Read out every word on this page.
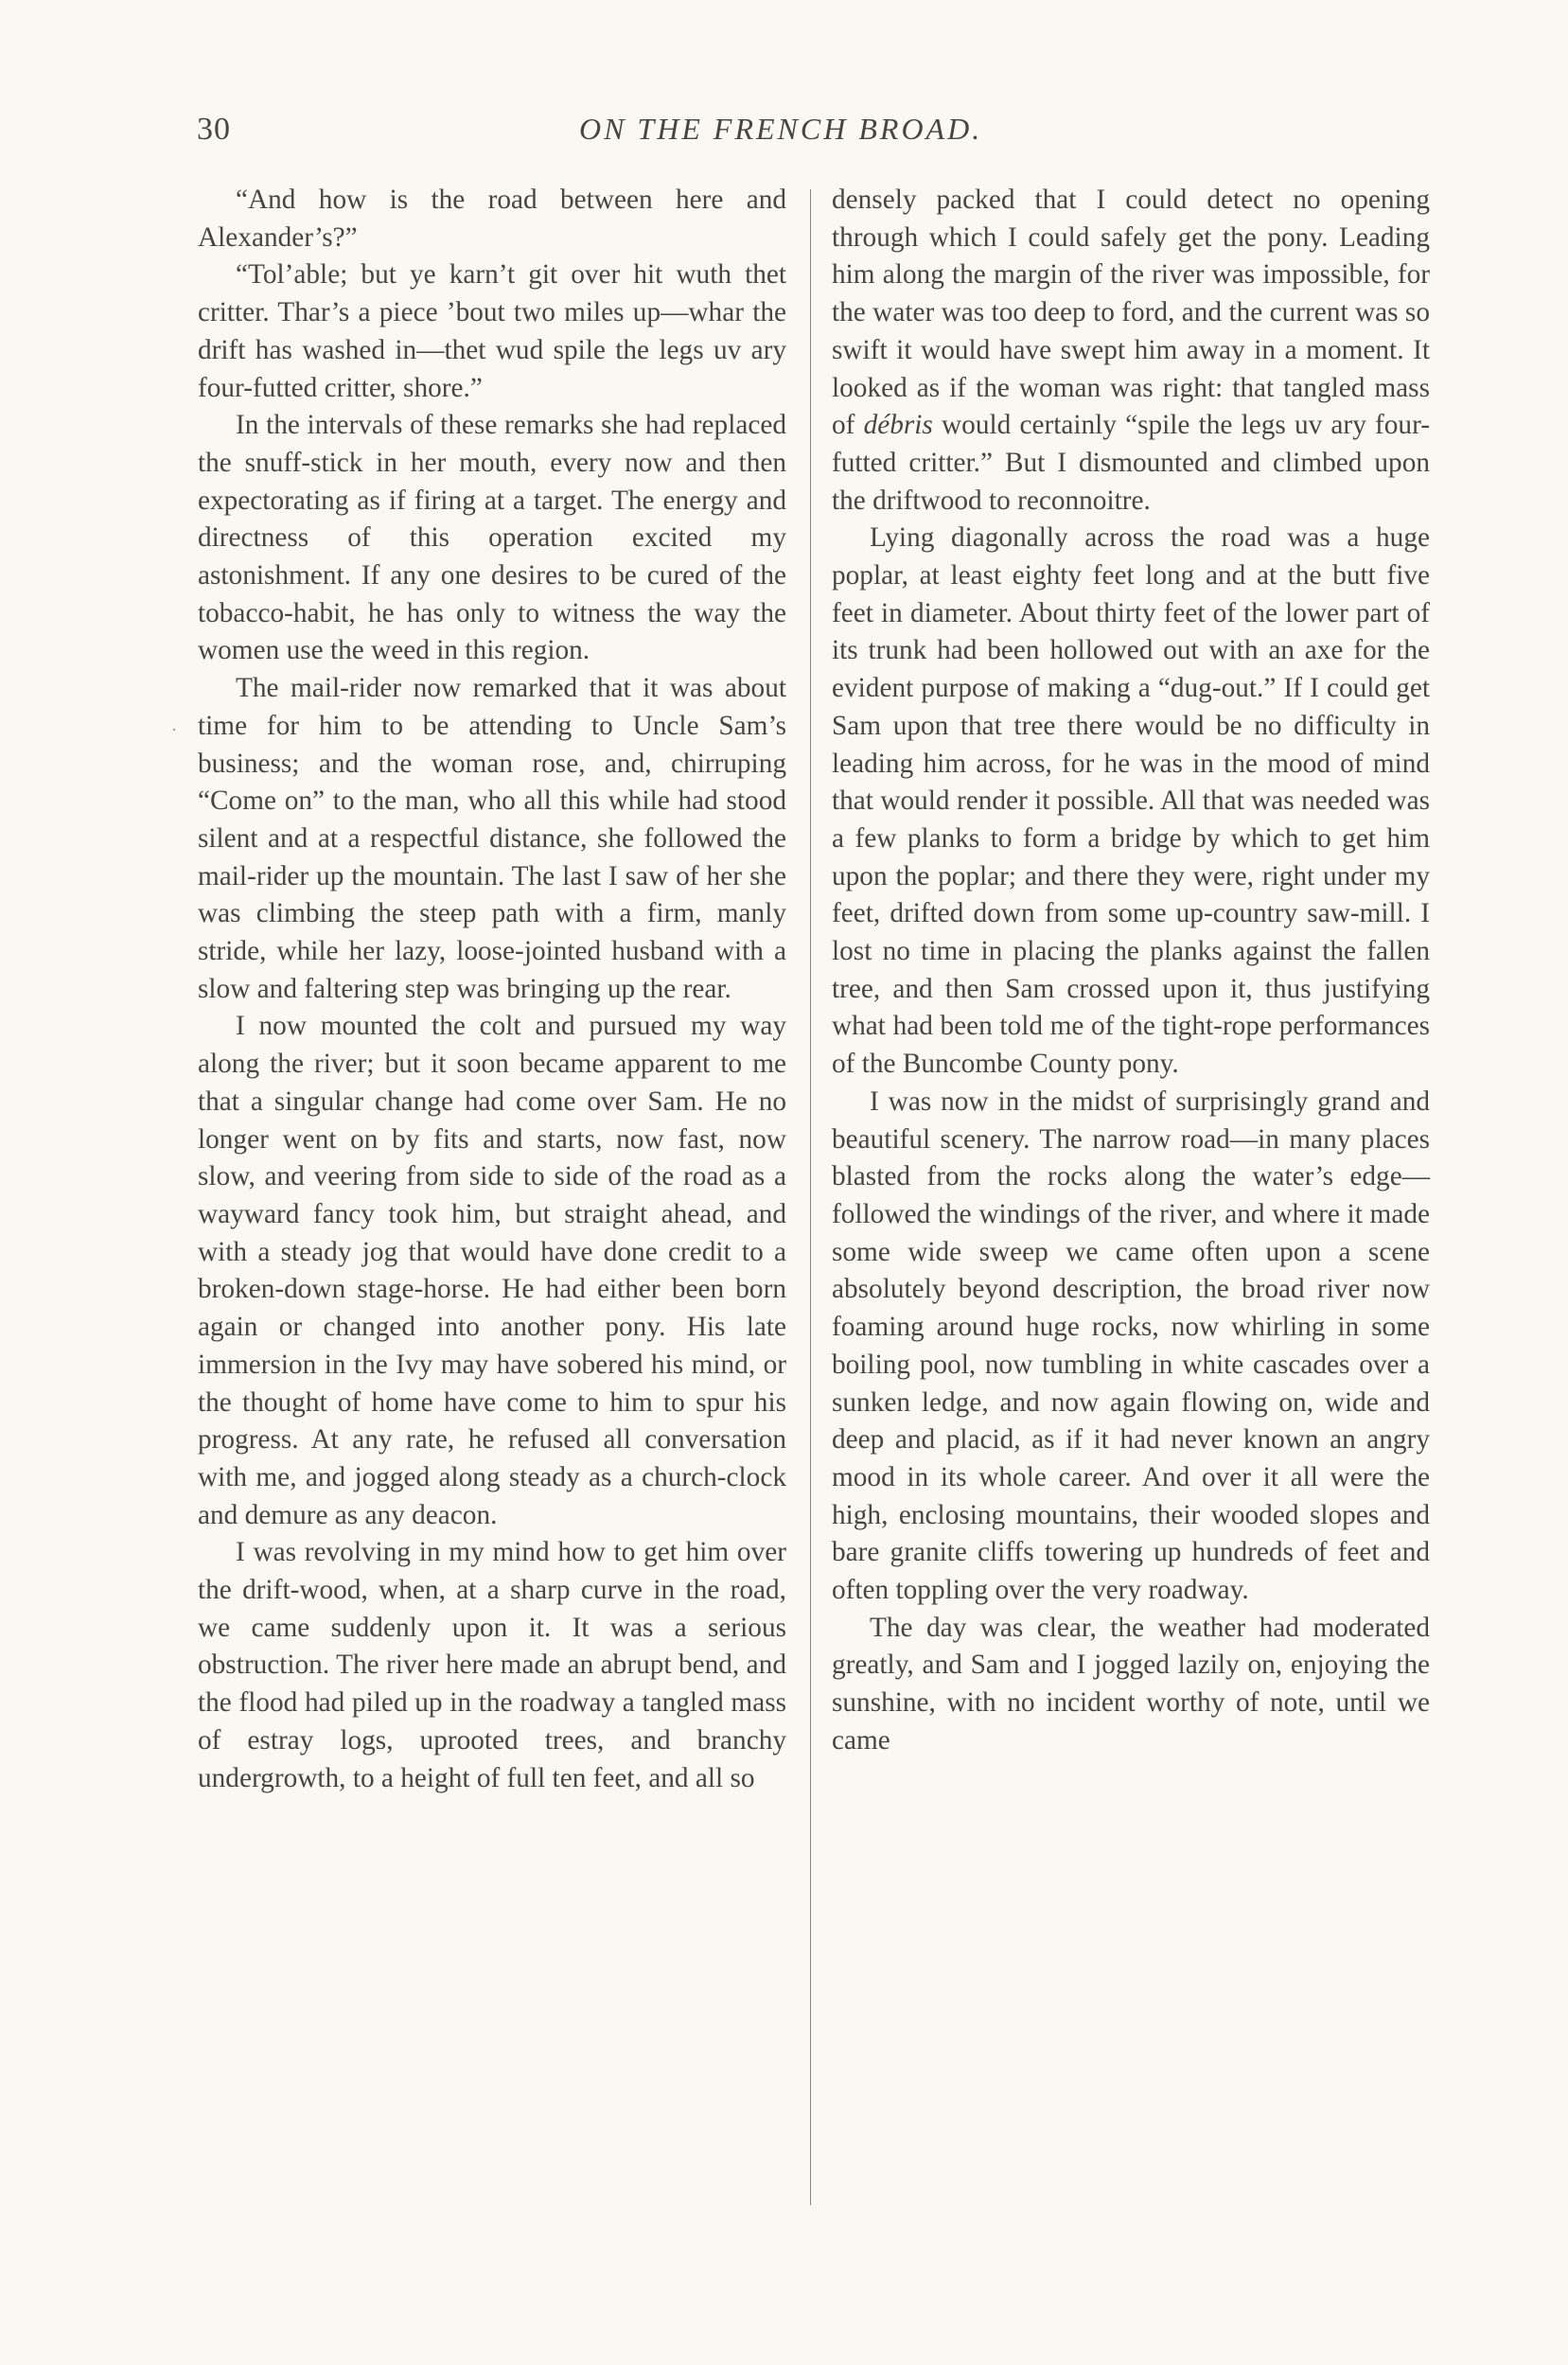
30	ON THE FRENCH BROAD.
·

“And how is the road between here and Alexander’s?”

“Tol’able; but ye karn’t git over hit wuth thet critter. Thar’s a piece ’bout two miles up—whar the drift has washed in—thet wud spile the legs uv ary four-futted critter, shore.”

In the intervals of these remarks she had replaced the snuff-stick in her mouth, every now and then expectorating as if firing at a target. The energy and directness of this operation excited my astonishment. If any one desires to be cured of the tobacco-habit, he has only to witness the way the women use the weed in this region.

The mail-rider now remarked that it was about time for him to be attending to Uncle Sam’s business; and the woman rose, and, chirruping “Come on” to the man, who all this while had stood silent and at a respectful distance, she followed the mail-rider up the mountain. The last I saw of her she was climbing the steep path with a firm, manly stride, while her lazy, loose-jointed husband with a slow and faltering step was bringing up the rear.

I now mounted the colt and pursued my way along the river; but it soon became apparent to me that a singular change had come over Sam. He no longer went on by fits and starts, now fast, now slow, and veering from side to side of the road as a wayward fancy took him, but straight ahead, and with a steady jog that would have done credit to a broken-down stage-horse. He had either been born again or changed into another pony. His late immersion in the Ivy may have sobered his mind, or the thought of home have come to him to spur his progress. At any rate, he refused all conversation with me, and jogged along steady as a church-clock and demure as any deacon.

I was revolving in my mind how to get him over the drift-wood, when, at a sharp curve in the road, we came suddenly upon it. It was a serious obstruction. The river here made an abrupt bend, and the flood had piled up in the roadway a tangled mass of estray logs, uprooted trees, and branchy undergrowth, to a height of full ten feet, and all so

densely packed that I could detect no opening through which I could safely get the pony. Leading him along the margin of the river was impossible, for the water was too deep to ford, and the current was so swift it would have swept him away in a moment. It looked as if the woman was right: that tangled mass of débris would certainly “spile the legs uv ary four-futted critter.” But I dismounted and climbed upon the driftwood to reconnoitre.

Lying diagonally across the road was a huge poplar, at least eighty feet long and at the butt five feet in diameter. About thirty feet of the lower part of its trunk had been hollowed out with an axe for the evident purpose of making a “dug-out.” If I could get Sam upon that tree there would be no difficulty in leading him across, for he was in the mood of mind that would render it possible. All that was needed was a few planks to form a bridge by which to get him upon the poplar; and there they were, right under my feet, drifted down from some up-country saw-mill. I lost no time in placing the planks against the fallen tree, and then Sam crossed upon it, thus justifying what had been told me of the tight-rope performances of the Buncombe County pony.

I was now in the midst of surprisingly grand and beautiful scenery. The narrow road—in many places blasted from the rocks along the water’s edge—followed the windings of the river, and where it made some wide sweep we came often upon a scene absolutely beyond description, the broad river now foaming around huge rocks, now whirling in some boiling pool, now tumbling in white cascades over a sunken ledge, and now again flowing on, wide and deep and placid, as if it had never known an angry mood in its whole career. And over it all were the high, enclosing mountains, their wooded slopes and bare granite cliffs towering up hundreds of feet and often toppling over the very roadway.

The day was clear, the weather had moderated greatly, and Sam and I jogged lazily on, enjoying the sunshine, with no incident worthy of note, until we came
